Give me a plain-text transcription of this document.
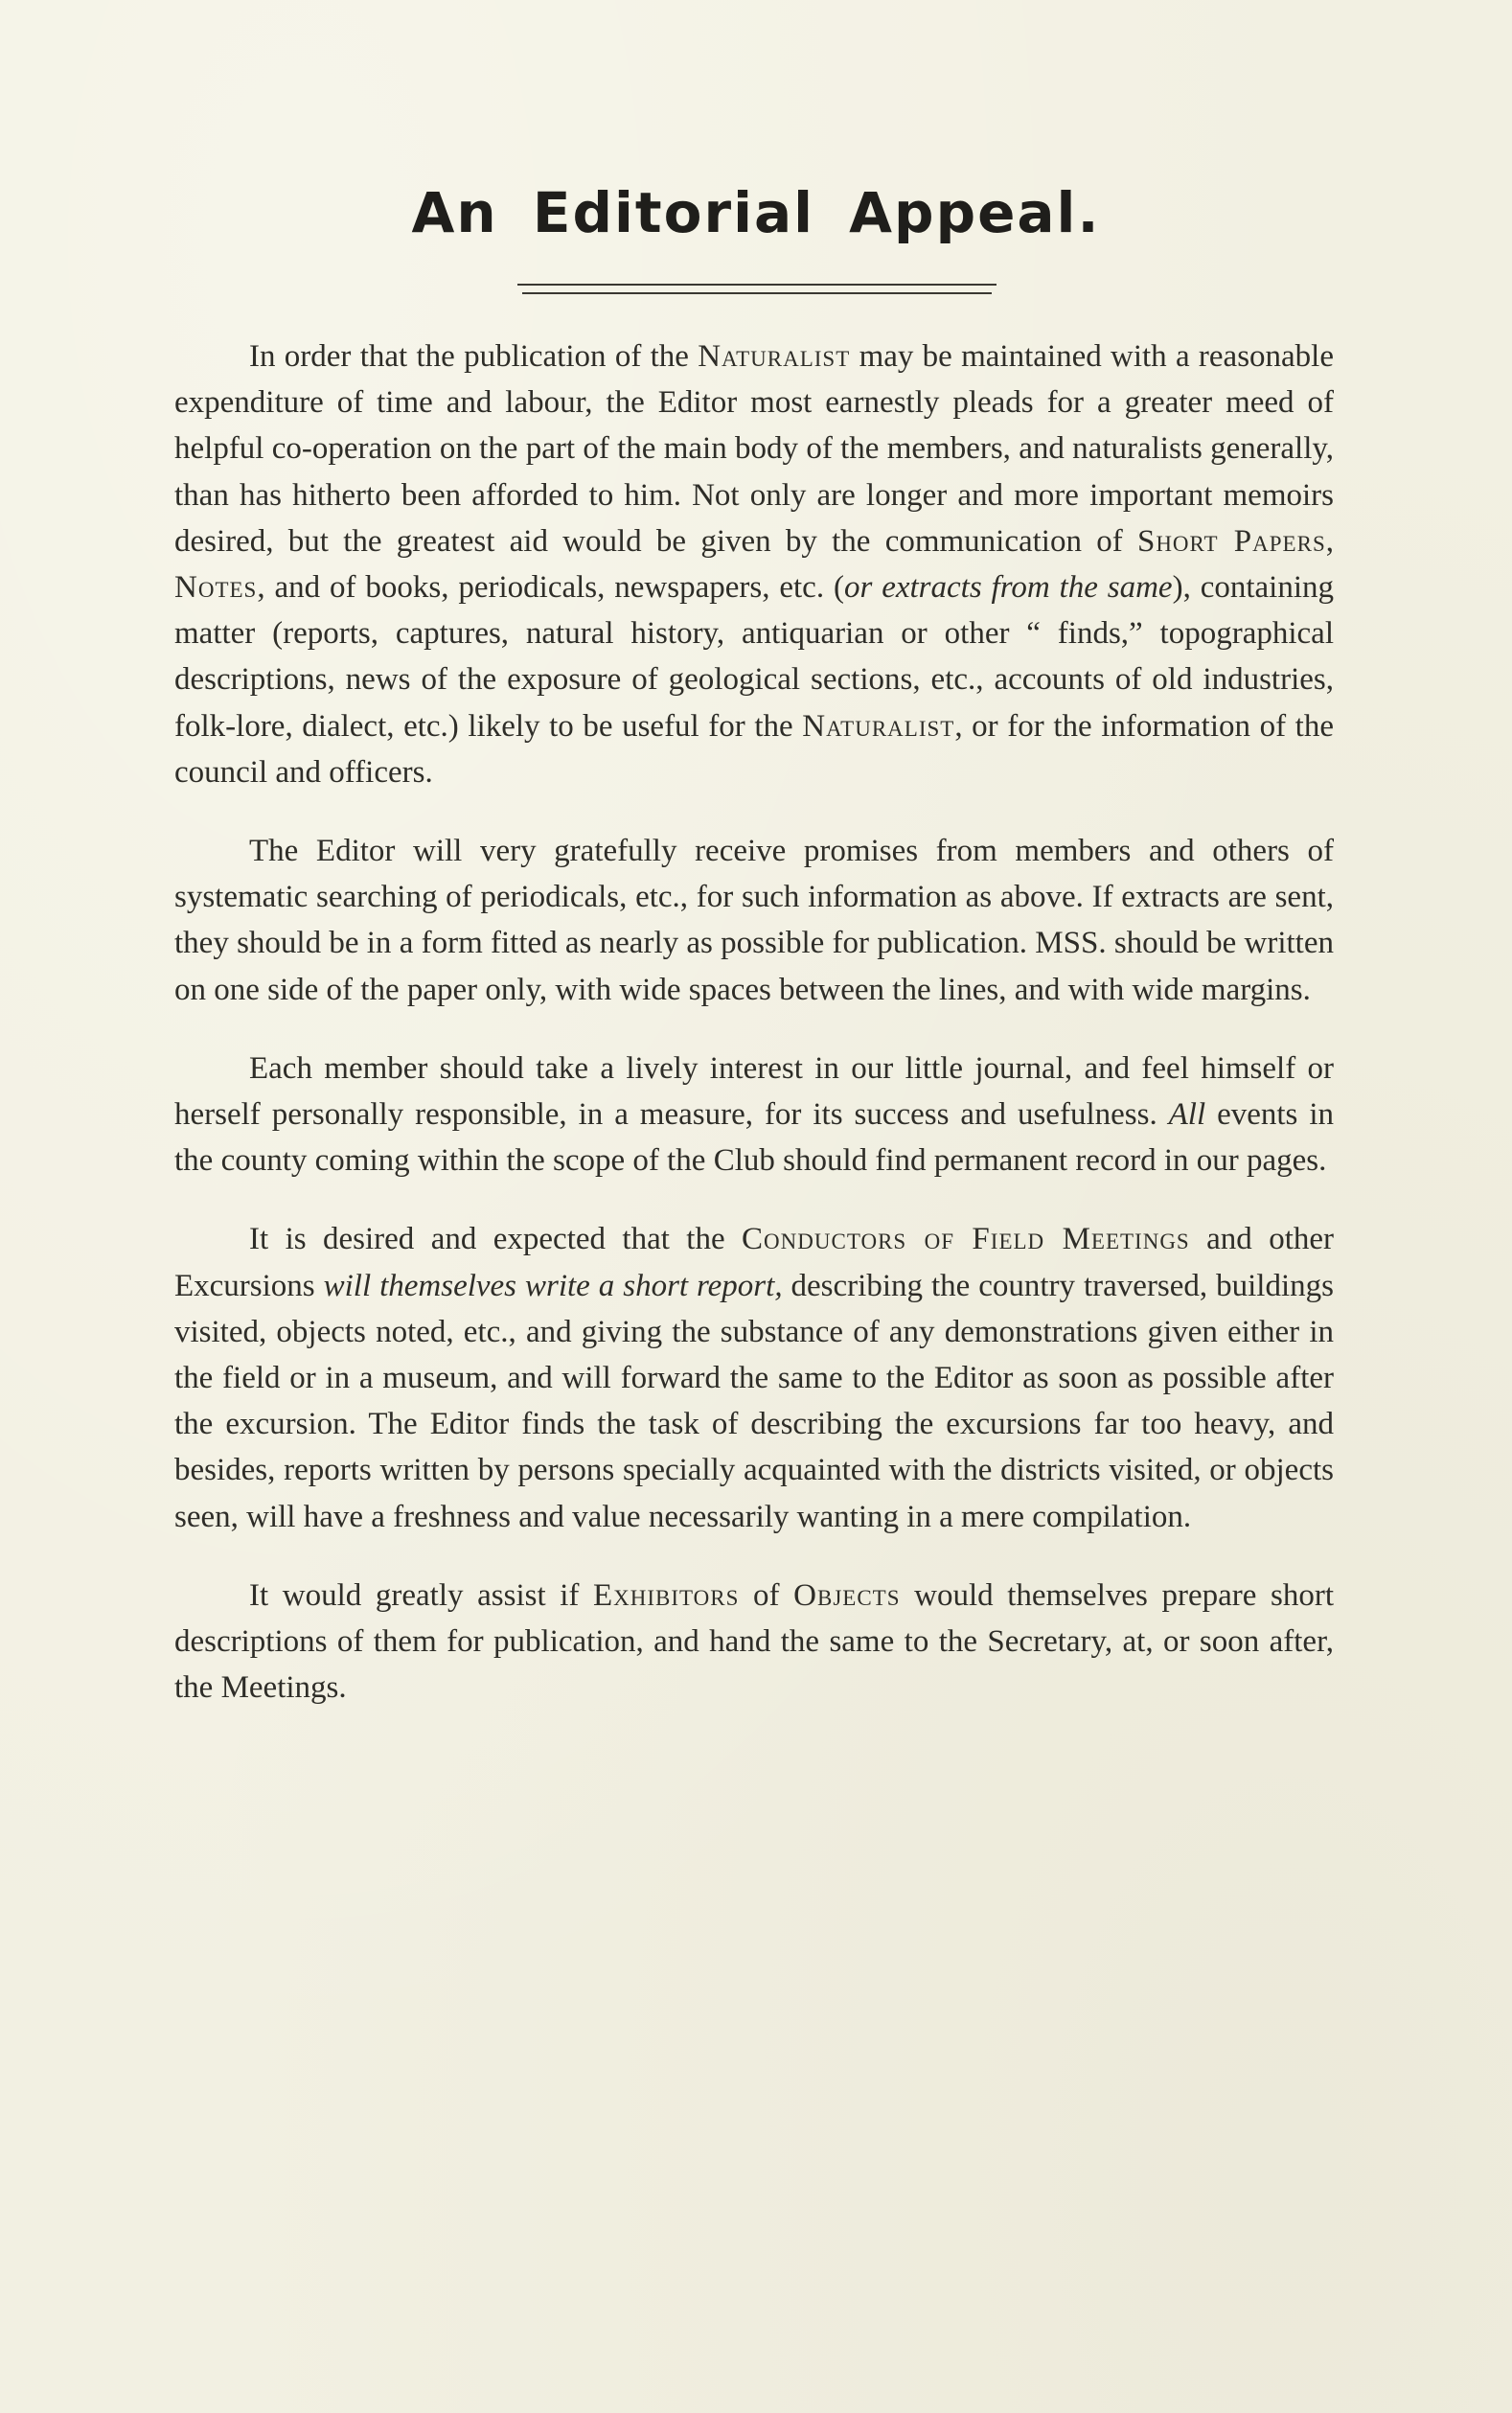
An Editorial Appeal.

In order that the publication of the Naturalist may be maintained with a reasonable expenditure of time and labour, the Editor most earnestly pleads for a greater meed of helpful co-operation on the part of the main body of the members, and naturalists generally, than has hitherto been afforded to him. Not only are longer and more important memoirs desired, but the greatest aid would be given by the communication of Short Papers, Notes, and of books, periodicals, newspapers, etc. (or extracts from the same), containing matter (reports, captures, natural history, antiquarian or other “ finds,” topographical descriptions, news of the exposure of geological sections, etc., accounts of old industries, folk-lore, dialect, etc.) likely to be useful for the Naturalist, or for the information of the council and officers.

The Editor will very gratefully receive promises from members and others of systematic searching of periodicals, etc., for such information as above. If extracts are sent, they should be in a form fitted as nearly as possible for publication. MSS. should be written on one side of the paper only, with wide spaces between the lines, and with wide margins.

Each member should take a lively interest in our little journal, and feel himself or herself personally responsible, in a measure, for its success and usefulness. All events in the county coming within the scope of the Club should find permanent record in our pages.

It is desired and expected that the Conductors of Field Meetings and other Excursions will themselves write a short report, describing the country traversed, buildings visited, objects noted, etc., and giving the substance of any demonstrations given either in the field or in a museum, and will forward the same to the Editor as soon as possible after the excursion. The Editor finds the task of describing the excursions far too heavy, and besides, reports written by persons specially acquainted with the districts visited, or objects seen, will have a freshness and value necessarily wanting in a mere compilation.

It would greatly assist if Exhibitors of Objects would themselves prepare short descriptions of them for publication, and hand the same to the Secretary, at, or soon after, the Meetings.
